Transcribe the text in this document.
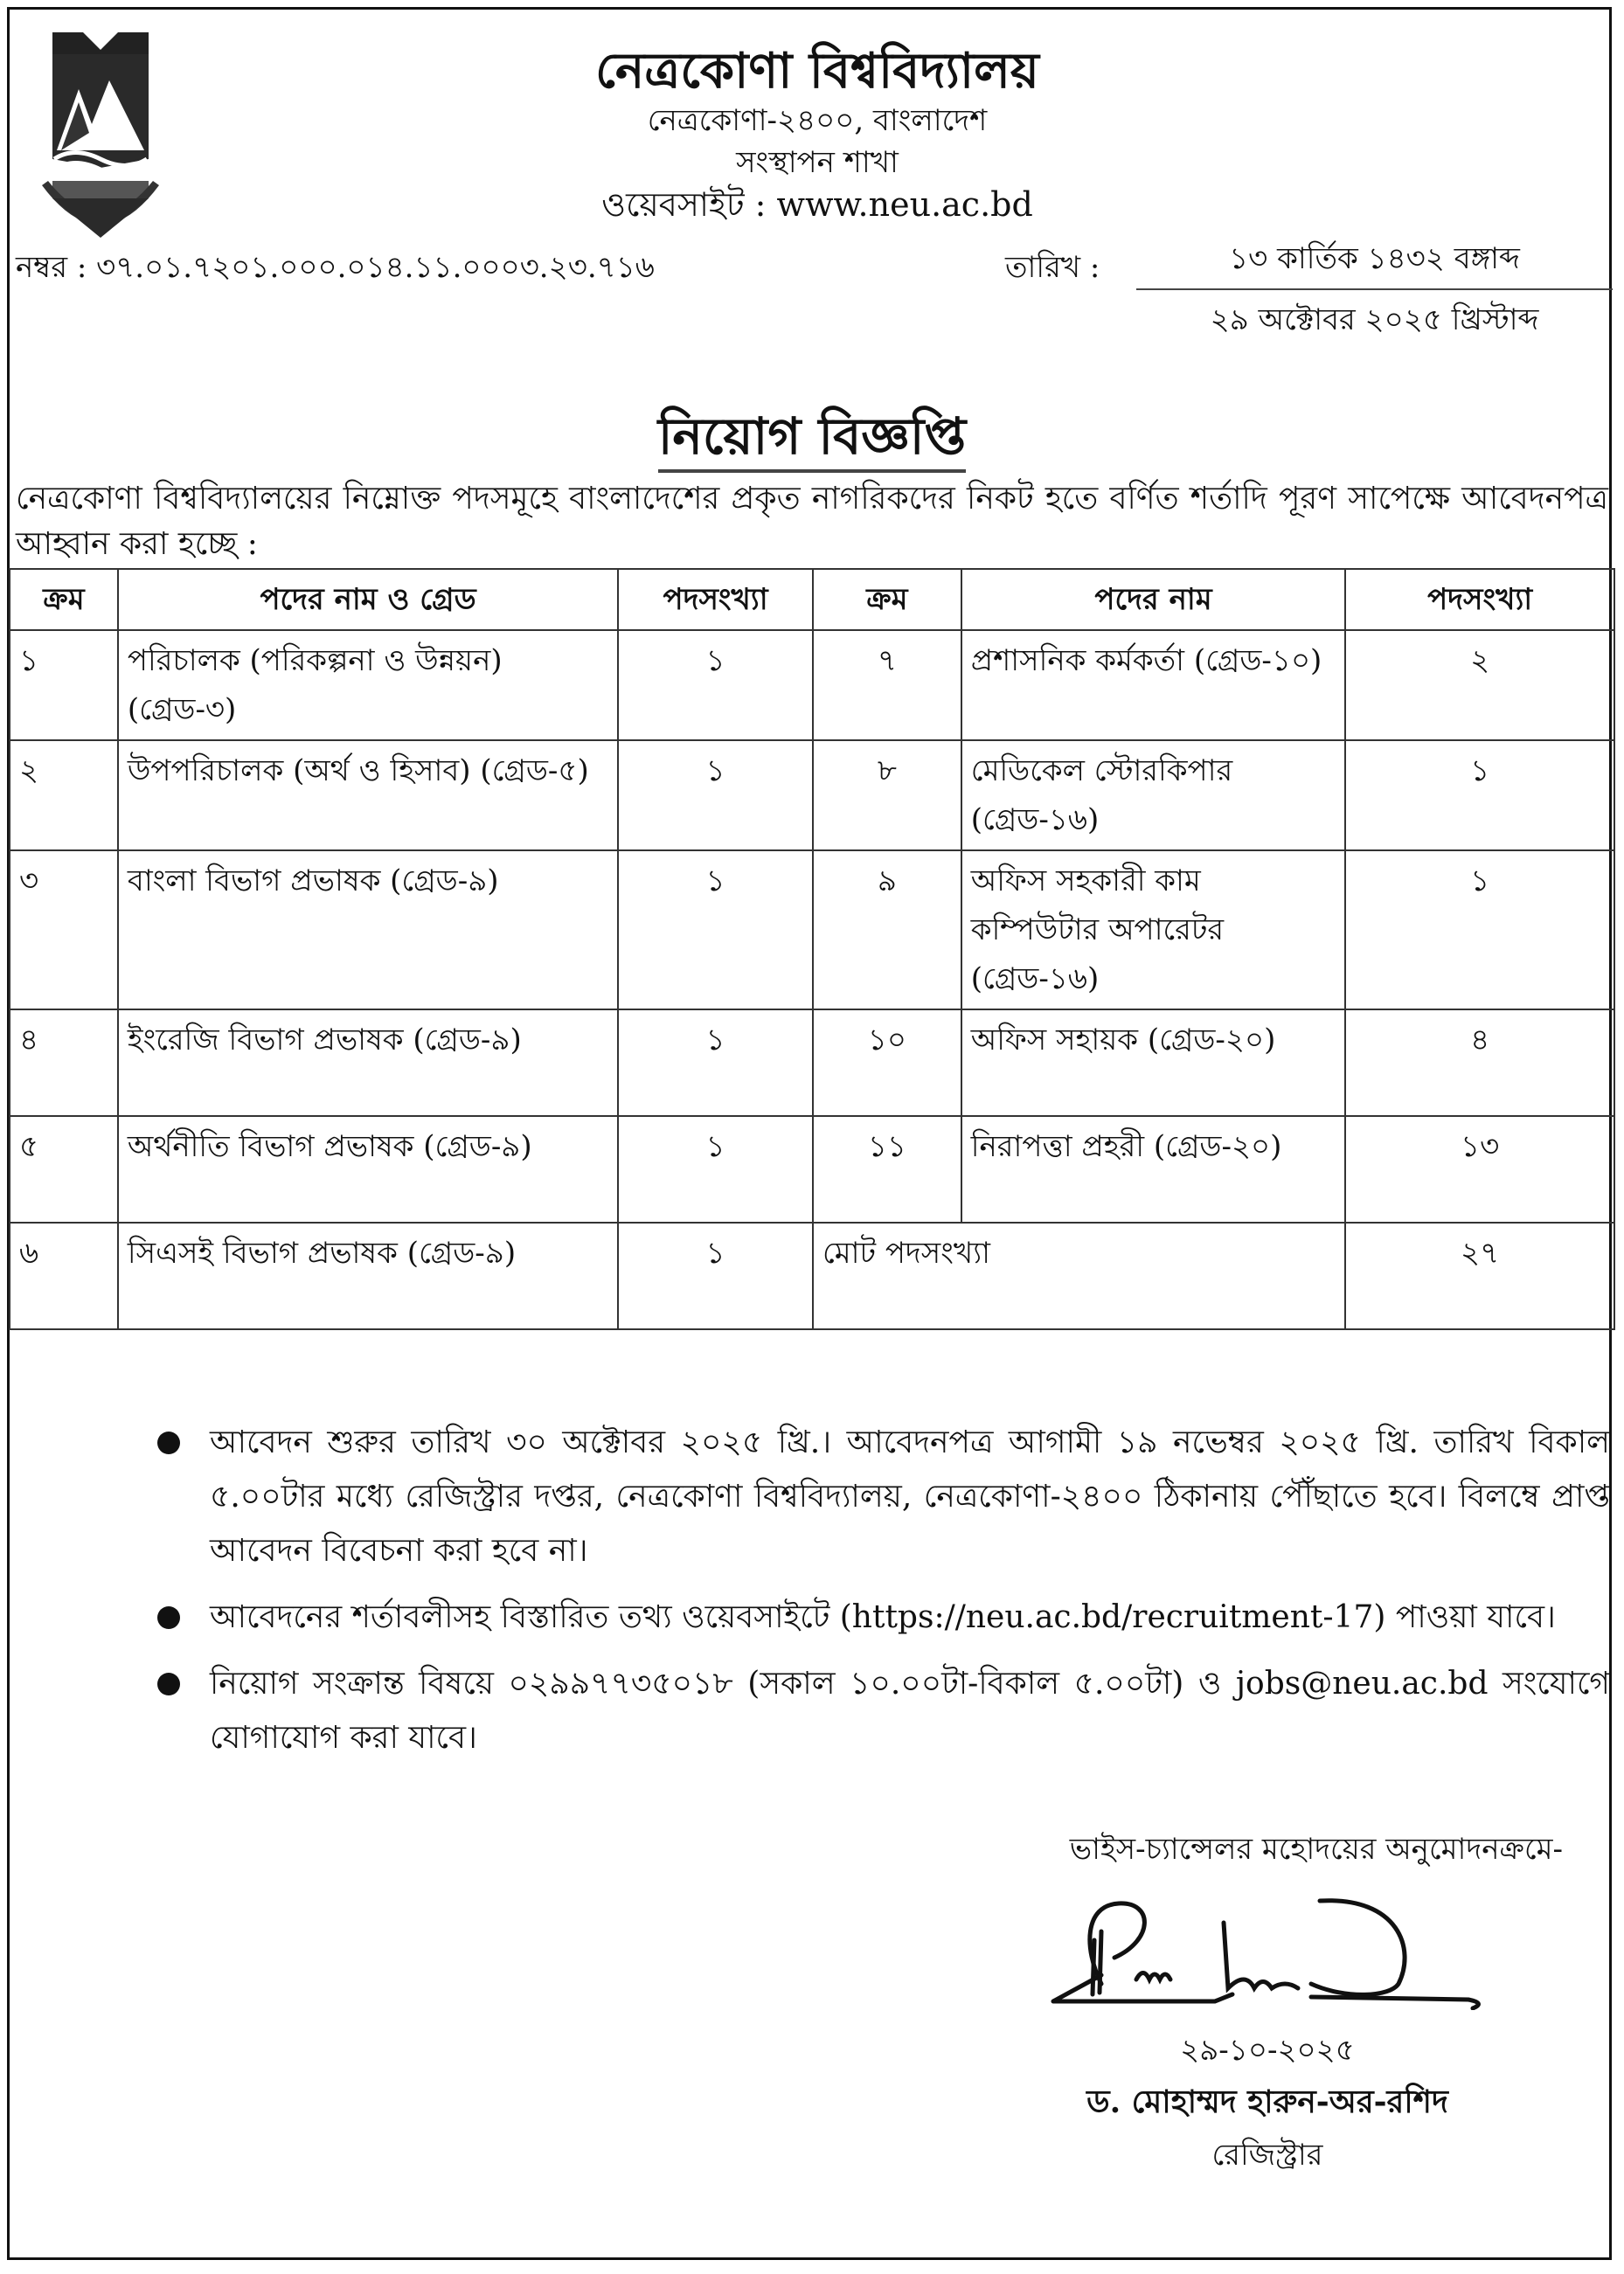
নেত্রকোণা বিশ্ববিদ্যালয়
নেত্রকোণা-২৪০০, বাংলাদেশ
সংস্থাপন শাখা
ওয়েবসাইট : www.neu.ac.bd
নম্বর : ৩৭.০১.৭২০১.০০০.০১৪.১১.০০০৩.২৩.৭১৬	তারিখ :	১৩ কার্তিক ১৪৩২ বঙ্গাব্দ
২৯ অক্টোবর ২০২৫ খ্রিস্টাব্দ
নিয়োগ বিজ্ঞপ্তি
নেত্রকোণা বিশ্ববিদ্যালয়ের নিম্নোক্ত পদসমূহে বাংলাদেশের প্রকৃত নাগরিকদের নিকট হতে বর্ণিত শর্তাদি পূরণ সাপেক্ষে আবেদনপত্র আহ্বান করা হচ্ছে :
ক্রম	পদের নাম ও গ্রেড	পদসংখ্যা	ক্রম	পদের নাম	পদসংখ্যা
১	পরিচালক (পরিকল্পনা ও উন্নয়ন) (গ্রেড-৩)	১	৭	প্রশাসনিক কর্মকর্তা (গ্রেড-১০)	২
২	উপপরিচালক (অর্থ ও হিসাব) (গ্রেড-৫)	১	৮	মেডিকেল স্টোরকিপার (গ্রেড-১৬)	১
৩	বাংলা বিভাগ প্রভাষক (গ্রেড-৯)	১	৯	অফিস সহকারী কাম কম্পিউটার অপারেটর (গ্রেড-১৬)	১
৪	ইংরেজি বিভাগ প্রভাষক (গ্রেড-৯)	১	১০	অফিস সহায়ক (গ্রেড-২০)	৪
৫	অর্থনীতি বিভাগ প্রভাষক (গ্রেড-৯)	১	১১	নিরাপত্তা প্রহরী (গ্রেড-২০)	১৩
৬	সিএসই বিভাগ প্রভাষক (গ্রেড-৯)	১	মোট পদসংখ্যা		২৭
আবেদন শুরুর তারিখ ৩০ অক্টোবর ২০২৫ খ্রি.। আবেদনপত্র আগামী ১৯ নভেম্বর ২০২৫ খ্রি. তারিখ বিকাল ৫.০০টার মধ্যে রেজিস্ট্রার দপ্তর, নেত্রকোণা বিশ্ববিদ্যালয়, নেত্রকোণা-২৪০০ ঠিকানায় পৌঁছাতে হবে। বিলম্বে প্রাপ্ত আবেদন বিবেচনা করা হবে না।
আবেদনের শর্তাবলীসহ বিস্তারিত তথ্য ওয়েবসাইটে (https://neu.ac.bd/recruitment-17) পাওয়া যাবে।
নিয়োগ সংক্রান্ত বিষয়ে ০২৯৯৭৭৩৫০১৮ (সকাল ১০.০০টা-বিকাল ৫.০০টা) ও jobs@neu.ac.bd সংযোগে যোগাযোগ করা যাবে।
ভাইস-চ্যান্সেলর মহোদয়ের অনুমোদনক্রমে-
২৯-১০-২০২৫
ড. মোহাম্মদ হারুন-অর-রশিদ
রেজিস্ট্রার
